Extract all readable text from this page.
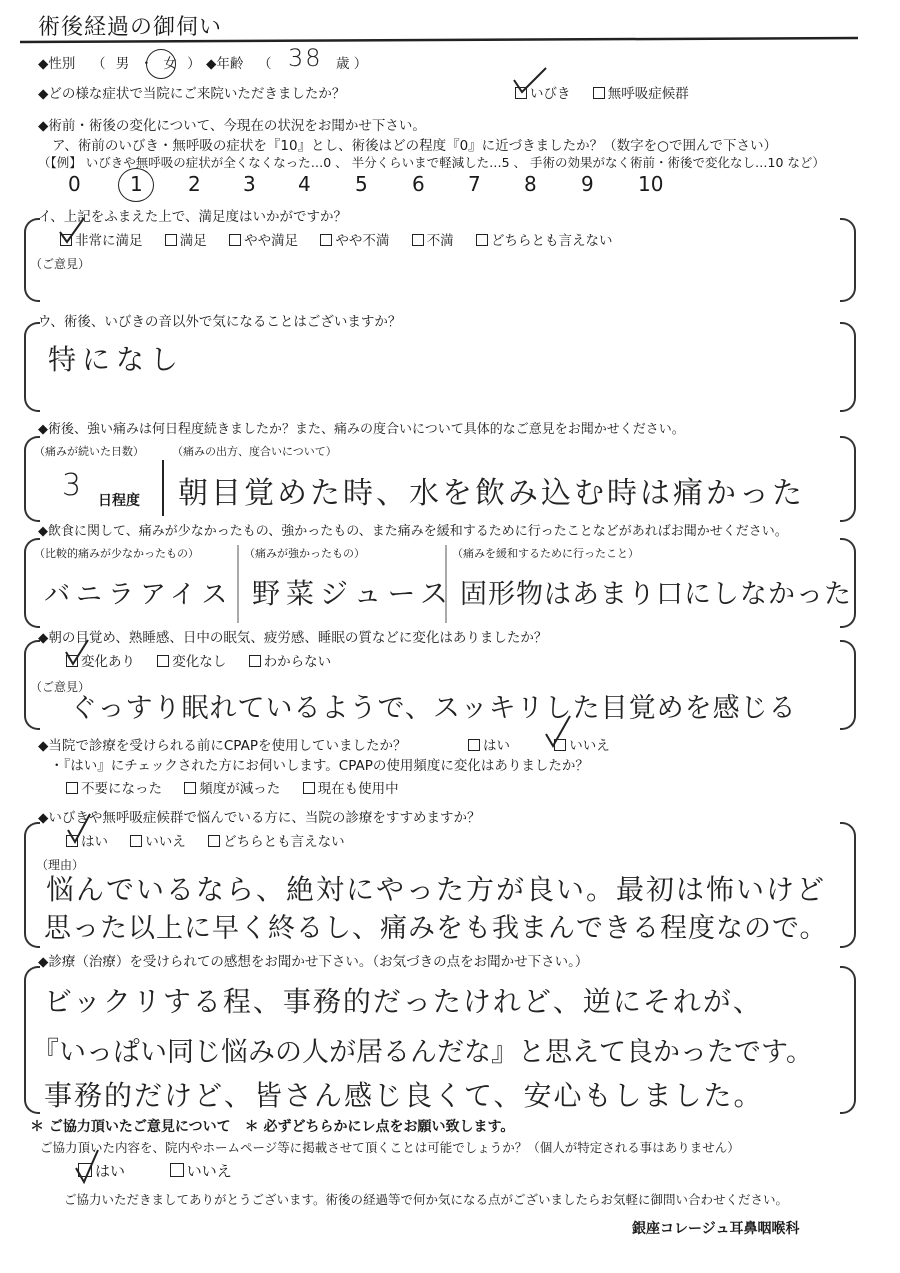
術後経過の御伺い
◆性別 （ 男 ・ 女 ） ◆年齢 （ 38 歳 ）
◆どの様な症状で当院にご来院いただきましたか？	いびき	無呼吸症候群
◆術前・術後の変化について、今現在の状況をお聞かせ下さい。
ア、術前のいびき・無呼吸の症状を『10』とし、術後はどの程度『0』に近づきましたか？（数字を○で囲んで下さい）
（【例】 いびきや無呼吸の症状が全くなくなった…0 、 半分くらいまで軽減した…5 、 手術の効果がなく術前・術後で変化なし…10 など）
0 1 2 3 4 5 6 7 8 9 10
イ、上記をふまえた上で、満足度はいかがですか？
非常に満足	満足	やや満足	やや不満	不満	どちらとも言えない
（ご意見）
ウ、術後、いびきの音以外で気になることはございますか？
特になし
◆術後、強い痛みは何日程度続きましたか？また、痛みの度合いについて具体的なご意見をお聞かせください。
（痛みが続いた日数）	（痛みの出方、度合いについて）
3 日程度 朝目覚めた時、水を飲み込む時は痛かった
◆飲食に関して、痛みが少なかったもの、強かったもの、また痛みを緩和するために行ったことなどがあればお聞かせください。
（比較的痛みが少なかったもの）	（痛みが強かったもの）	（痛みを緩和するために行ったこと）
バニラアイス 野菜ジュース 固形物はあまり口にしなかった
◆朝の目覚め、熟睡感、日中の眠気、疲労感、睡眠の質などに変化はありましたか？
変化あり	変化なし	わからない
（ご意見）
ぐっすり眠れているようで、スッキリした目覚めを感じる
◆当院で診療を受けられる前にCPAPを使用していましたか？	はい	いいえ
・『はい』にチェックされた方にお伺いします。CPAPの使用頻度に変化はありましたか？
不要になった	頻度が減った	現在も使用中
◆いびきや無呼吸症候群で悩んでいる方に、当院の診療をすすめますか？
はい	いいえ	どちらとも言えない
（理由）
悩んでいるなら、絶対にやった方が良い。最初は怖いけど
思った以上に早く終るし、痛みをも我まんできる程度なので。
◆診療（治療）を受けられての感想をお聞かせ下さい。（お気づきの点をお聞かせ下さい。）
ビックリする程、事務的だったけれど、逆にそれが、
『いっぱい同じ悩みの人が居るんだな』と思えて良かったです。
事務的だけど、皆さん感じ良くて、安心もしました。
＊ ご協力頂いたご意見について　＊ 必ずどちらかにレ点をお願い致します。
ご協力頂いた内容を、院内やホームページ等に掲載させて頂くことは可能でしょうか？（個人が特定される事はありません）
はい	いいえ
ご協力いただきましてありがとうございます。術後の経過等で何か気になる点がございましたらお気軽に御問い合わせください。
銀座コレージュ耳鼻咽喉科
